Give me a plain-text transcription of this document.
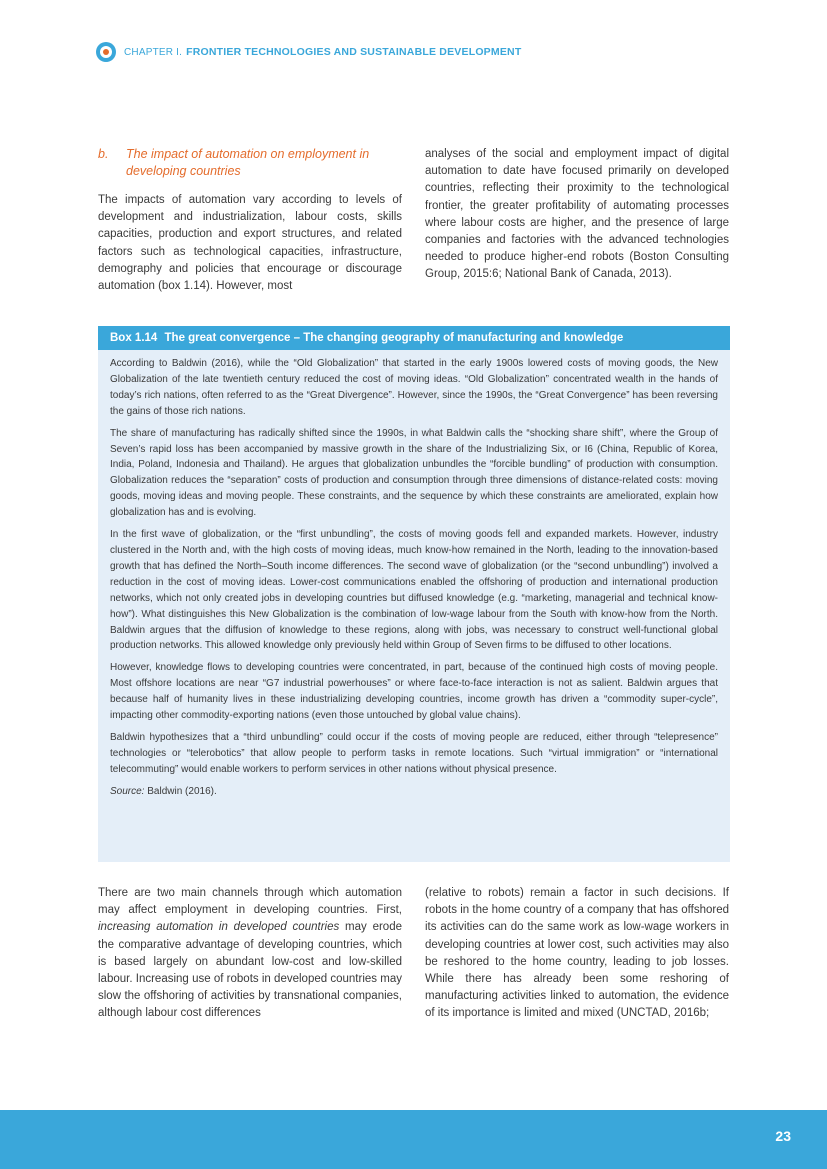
CHAPTER I. FRONTIER TECHNOLOGIES AND SUSTAINABLE DEVELOPMENT
b.	The impact of automation on employment in developing countries

The impacts of automation vary according to levels of development and industrialization, labour costs, skills capacities, production and export structures, and related factors such as technological capacities, infrastructure, demography and policies that encourage or discourage automation (box 1.14). However, most

analyses of the social and employment impact of digital automation to date have focused primarily on developed countries, reflecting their proximity to the technological frontier, the greater profitability of automating processes where labour costs are higher, and the presence of large companies and factories with the advanced technologies needed to produce higher-end robots (Boston Consulting Group, 2015:6; National Bank of Canada, 2013).

Box 1.14 The great convergence – The changing geography of manufacturing and knowledge

According to Baldwin (2016), while the “Old Globalization” that started in the early 1900s lowered costs of moving goods, the New Globalization of the late twentieth century reduced the cost of moving ideas. “Old Globalization” concentrated wealth in the hands of today’s rich nations, often referred to as the “Great Divergence”. However, since the 1990s, the “Great Convergence” has been reversing the gains of those rich nations.

The share of manufacturing has radically shifted since the 1990s, in what Baldwin calls the “shocking share shift”, where the Group of Seven’s rapid loss has been accompanied by massive growth in the share of the Industrializing Six, or I6 (China, Republic of Korea, India, Poland, Indonesia and Thailand). He argues that globalization unbundles the “forcible bundling” of production with consumption. Globalization reduces the “separation” costs of production and consumption through three dimensions of distance-related costs: moving goods, moving ideas and moving people. These constraints, and the sequence by which these constraints are ameliorated, explain how globalization has and is evolving.

In the first wave of globalization, or the “first unbundling”, the costs of moving goods fell and expanded markets. However, industry clustered in the North and, with the high costs of moving ideas, much know-how remained in the North, leading to the innovation-based growth that has defined the North–South income differences. The second wave of globalization (or the “second unbundling”) involved a reduction in the cost of moving ideas. Lower-cost communications enabled the offshoring of production and international production networks, which not only created jobs in developing countries but diffused knowledge (e.g. “marketing, managerial and technical know-how”). What distinguishes this New Globalization is the combination of low-wage labour from the South with know-how from the North. Baldwin argues that the diffusion of knowledge to these regions, along with jobs, was necessary to construct well-functional global production networks. This allowed knowledge only previously held within Group of Seven firms to be diffused to other locations.

However, knowledge flows to developing countries were concentrated, in part, because of the continued high costs of moving people. Most offshore locations are near “G7 industrial powerhouses” or where face-to-face interaction is not as salient. Baldwin argues that because half of humanity lives in these industrializing developing countries, income growth has driven a “commodity super-cycle”, impacting other commodity-exporting nations (even those untouched by global value chains).

Baldwin hypothesizes that a “third unbundling” could occur if the costs of moving people are reduced, either through “telepresence” technologies or “telerobotics” that allow people to perform tasks in remote locations. Such “virtual immigration” or “international telecommuting” would enable workers to perform services in other nations without physical presence.

Source: Baldwin (2016).

There are two main channels through which automation may affect employment in developing countries. First, increasing automation in developed countries may erode the comparative advantage of developing countries, which is based largely on abundant low-cost and low-skilled labour. Increasing use of robots in developed countries may slow the offshoring of activities by transnational companies, although labour cost differences

(relative to robots) remain a factor in such decisions. If robots in the home country of a company that has offshored its activities can do the same work as low-wage workers in developing countries at lower cost, such activities may also be reshored to the home country, leading to job losses. While there has already been some reshoring of manufacturing activities linked to automation, the evidence of its importance is limited and mixed (UNCTAD, 2016b;

23
